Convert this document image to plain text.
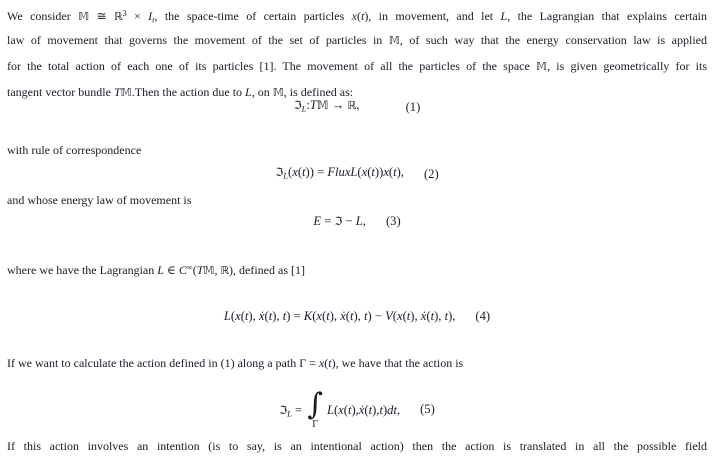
We consider 𝕄 ≅ ℝ$^3$ × It, the space-time of certain particles x(t), in movement, and let L, the Lagrangian that explains certain
law of movement that governs the movement of the set of particles in 𝕄, of such way that the energy conservation law is applied
for the total action of each one of its particles [1]. The movement of all the particles of the space 𝕄, is given geometrically for its
tangent vector bundle T𝕄.Then the action due to L, on 𝕄, is defined as:
ℑL:T𝕄 → ℝ,	(1)
with rule of correspondence
ℑL(x(t)) = FluxL(x(t))x(t), (2)
and whose energy law of movement is
E = ℑ − L, (3)
where we have the Lagrangian L ∈ C∞(T𝕄, ℝ), defined as [1]
L(x(t), ẋ(t), t) = K(x(t), ẋ(t), t) − V(x(t), ẋ(t), t), (4)
If we want to calculate the action defined in (1) along a path Γ = x(t), we have that the action is
ℑL = ∫
Γ
L(x(t),ẋ(t),t)dt, (5)
If this action involves an intention (is to say, is an intentional action) then the action is translated in all the possible field
